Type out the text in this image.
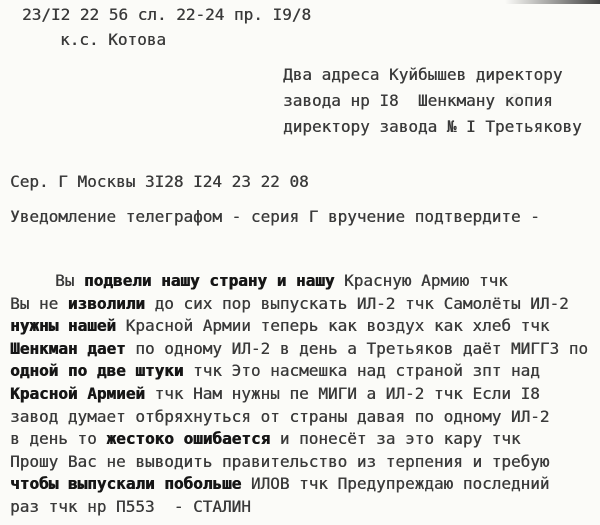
23/I2 22 56 сл. 22-24 пр. I9/8
к.с. Котова
Два адреса Куйбышев директору
завода нр I8  Шенкману копия
директору завода № I Третьякову
Сер. Г Москвы 3I28 I24 23 22 08
Уведомление телеграфом - серия Г вручение подтвердите -
Вы подвели нашу страну и нашу Красную Армию тчк
Вы не изволили до сих пор выпускать ИЛ-2 тчк Самолёты ИЛ-2
нужны нашей Красной Армии теперь как воздух как хлеб тчк
Шенкман дает по одному ИЛ-2 в день а Третьяков даёт МИГГ3 по
одной по две штуки тчк Это насмешка над страной зпт над
Красной Армией тчк Нам нужны пе МИГИ а ИЛ-2 тчк Если I8
завод думает отбряхнуться от страны давая по одному ИЛ-2
в день то жестоко ошибается и понесёт за это кару тчк
Прошу Вас не выводить правительство из терпения и требую
чтобы выпускали побольше ИЛОВ тчк Предупреждаю последний
раз тчк нр П553  - СТАЛИН
